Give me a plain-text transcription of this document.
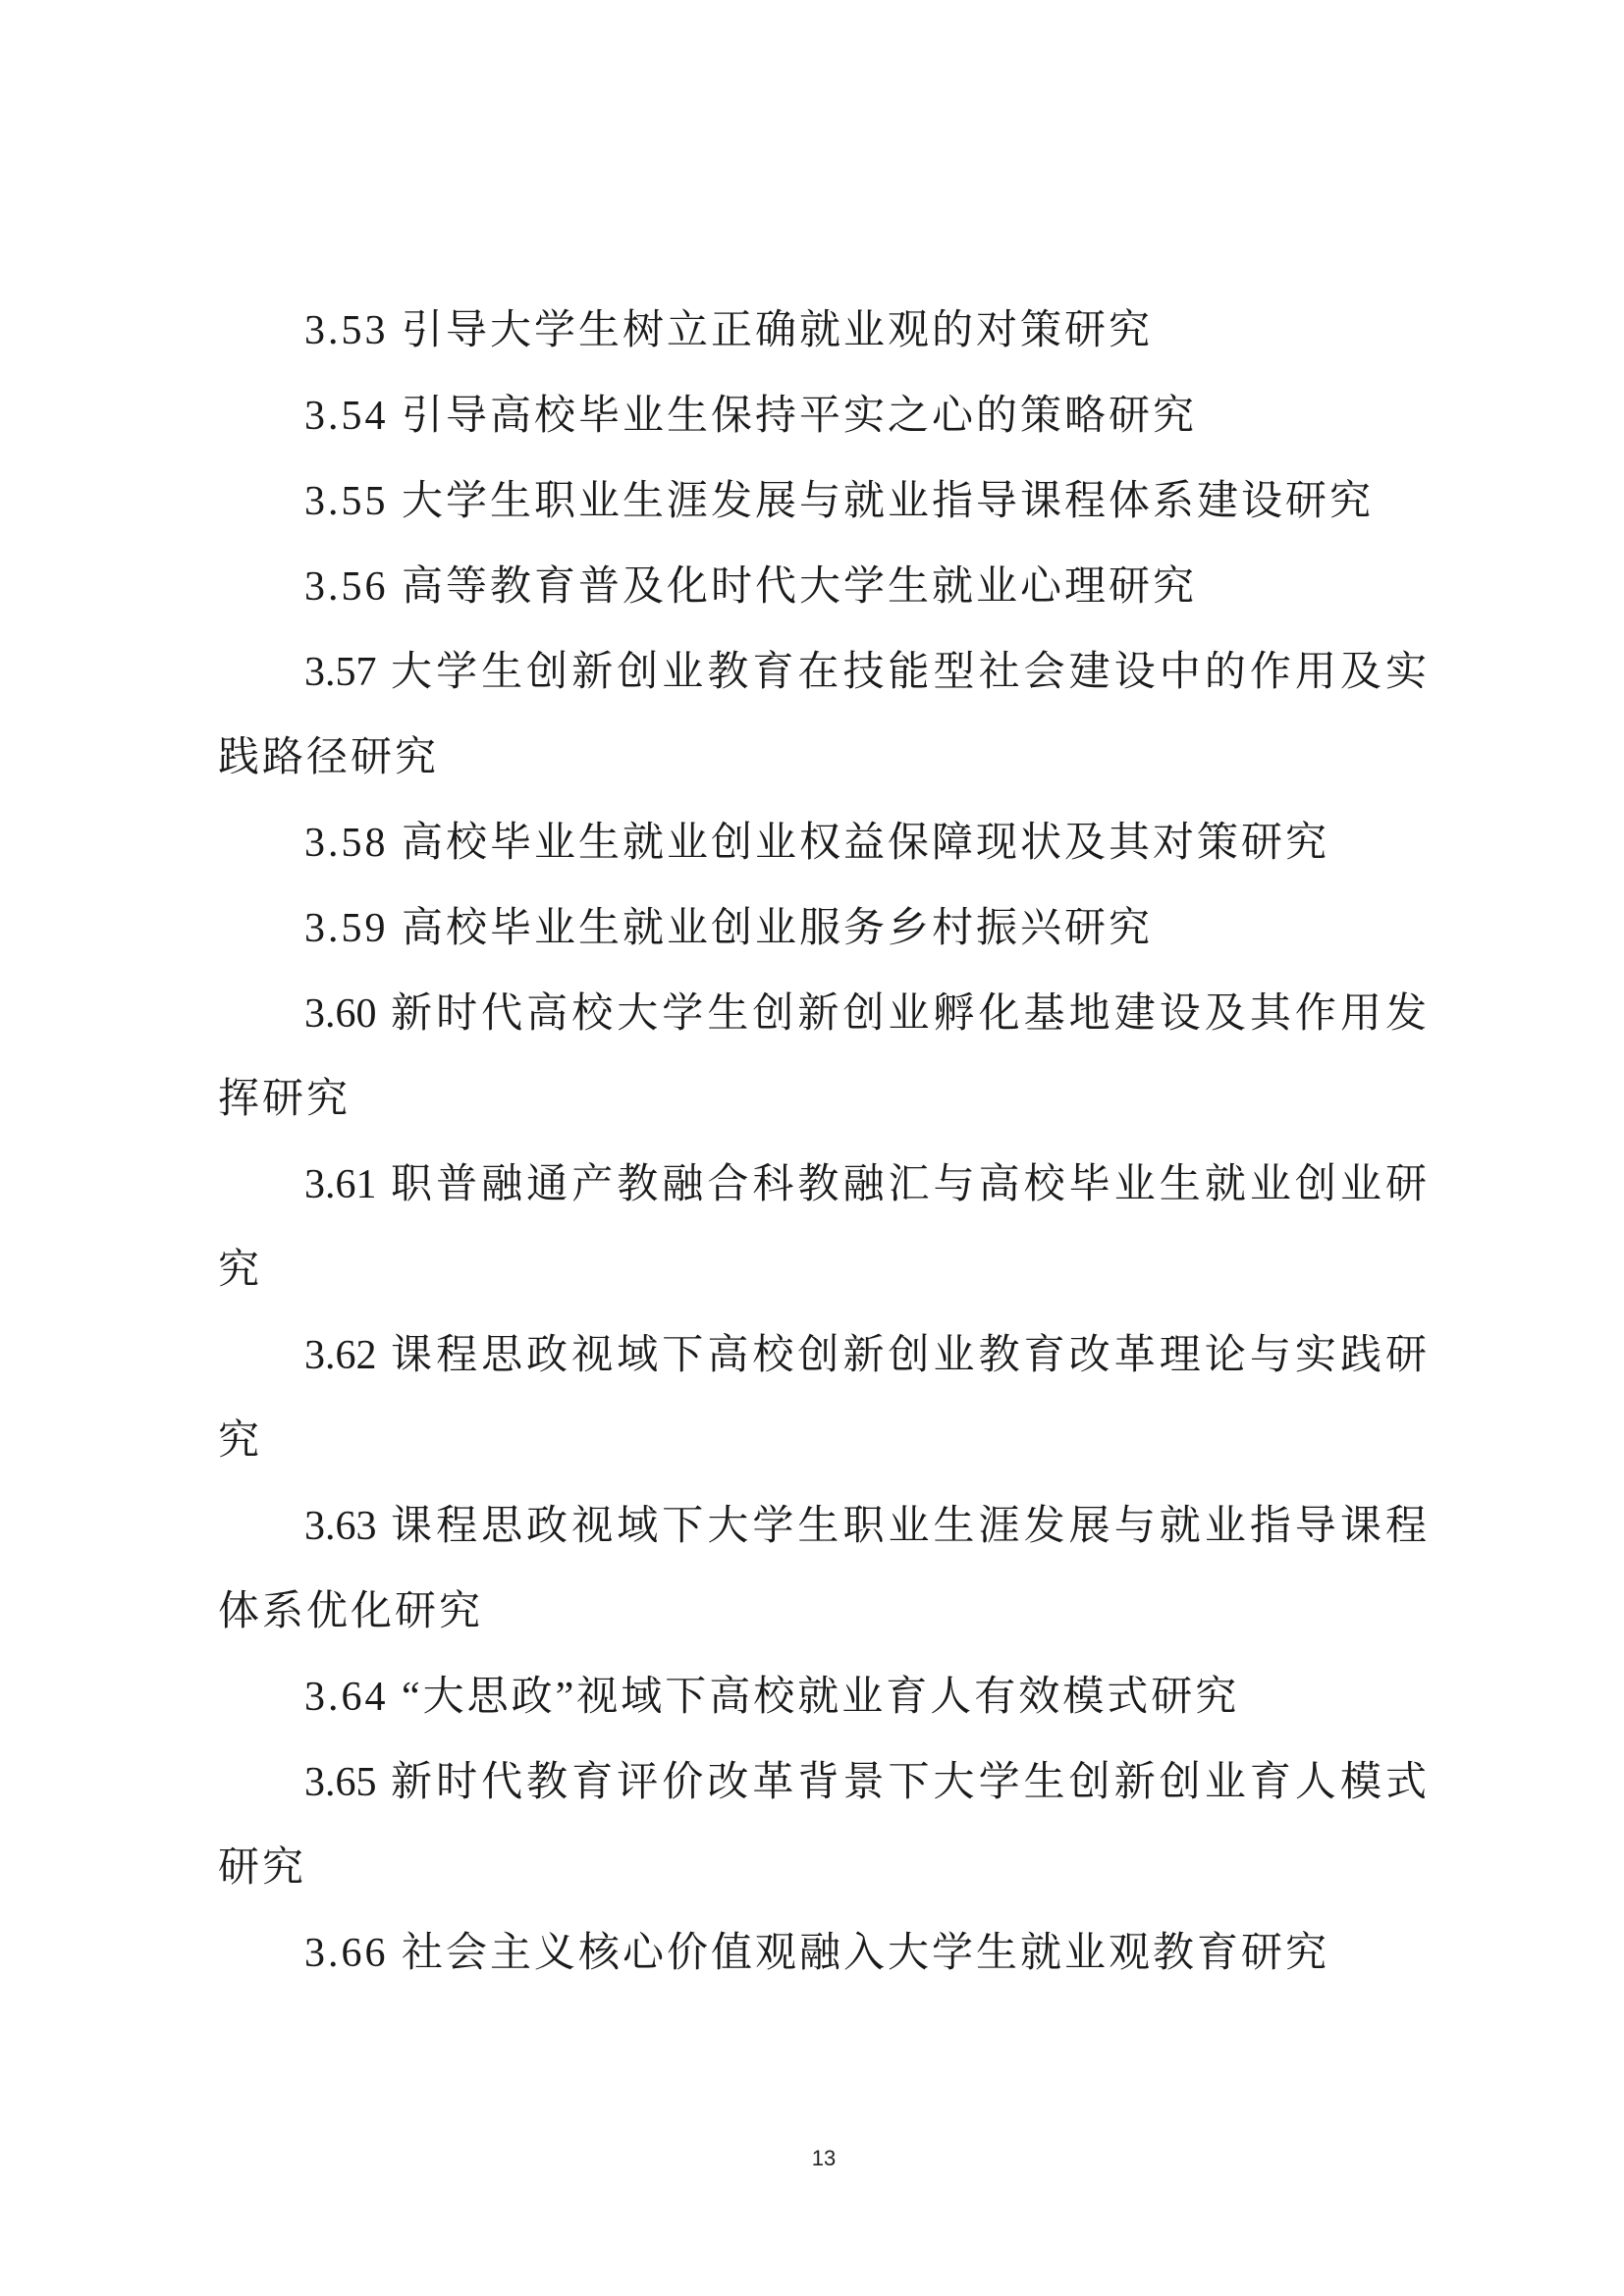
3.53 引导大学生树立正确就业观的对策研究
3.54 引导高校毕业生保持平实之心的策略研究
3.55 大学生职业生涯发展与就业指导课程体系建设研究
3.56 高等教育普及化时代大学生就业心理研究
3.57 大学生创新创业教育在技能型社会建设中的作用及实
践路径研究
3.58 高校毕业生就业创业权益保障现状及其对策研究
3.59 高校毕业生就业创业服务乡村振兴研究
3.60 新时代高校大学生创新创业孵化基地建设及其作用发
挥研究
3.61 职普融通产教融合科教融汇与高校毕业生就业创业研
究
3.62 课程思政视域下高校创新创业教育改革理论与实践研
究
3.63 课程思政视域下大学生职业生涯发展与就业指导课程
体系优化研究
3.64 “大思政”视域下高校就业育人有效模式研究
3.65 新时代教育评价改革背景下大学生创新创业育人模式
研究
3.66 社会主义核心价值观融入大学生就业观教育研究
13
